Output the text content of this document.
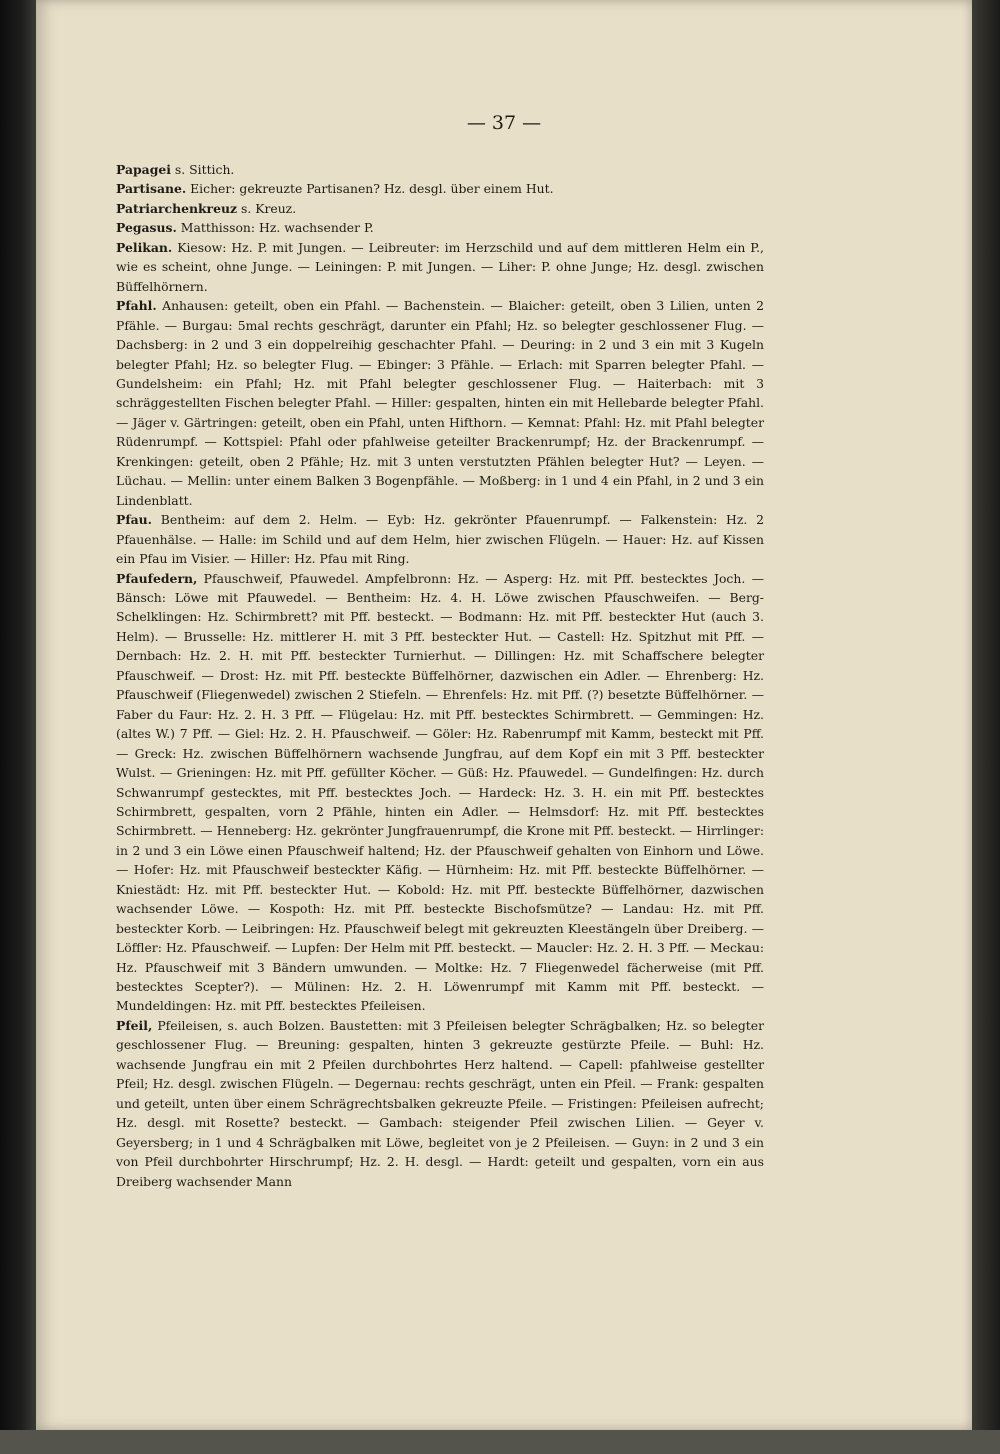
— 37 —

Papagei s. Sittich.

Partisane. Eicher: gekreuzte Partisanen? Hz. desgl. über einem Hut.

Patriarchenkreuz s. Kreuz.

Pegasus. Matthisson: Hz. wachsender P.

Pelikan. Kiesow: Hz. P. mit Jungen. — Leibreuter: im Herzschild und auf dem mittleren Helm ein P., wie es scheint, ohne Junge. — Leiningen: P. mit Jungen. — Liher: P. ohne Junge; Hz. desgl. zwischen Büffelhörnern.

Pfahl. Anhausen: geteilt, oben ein Pfahl. — Bachenstein. — Blaicher: geteilt, oben 3 Lilien, unten 2 Pfähle. — Burgau: 5mal rechts geschrägt, darunter ein Pfahl; Hz. so belegter geschlossener Flug. — Dachsberg: in 2 und 3 ein doppelreihig geschachter Pfahl. — Deuring: in 2 und 3 ein mit 3 Kugeln belegter Pfahl; Hz. so belegter Flug. — Ebinger: 3 Pfähle. — Erlach: mit Sparren belegter Pfahl. — Gundelsheim: ein Pfahl; Hz. mit Pfahl belegter geschlossener Flug. — Haiterbach: mit 3 schräggestellten Fischen belegter Pfahl. — Hiller: gespalten, hinten ein mit Hellebarde belegter Pfahl. — Jäger v. Gärtringen: geteilt, oben ein Pfahl, unten Hifthorn. — Kemnat: Pfahl: Hz. mit Pfahl belegter Rüdenrumpf. — Kottspiel: Pfahl oder pfahlweise geteilter Brackenrumpf; Hz. der Brackenrumpf. — Krenkingen: geteilt, oben 2 Pfähle; Hz. mit 3 unten verstutzten Pfählen belegter Hut? — Leyen. — Lüchau. — Mellin: unter einem Balken 3 Bogenpfähle. — Moßberg: in 1 und 4 ein Pfahl, in 2 und 3 ein Lindenblatt.

Pfau. Bentheim: auf dem 2. Helm. — Eyb: Hz. gekrönter Pfauenrumpf. — Falkenstein: Hz. 2 Pfauenhälse. — Halle: im Schild und auf dem Helm, hier zwischen Flügeln. — Hauer: Hz. auf Kissen ein Pfau im Visier. — Hiller: Hz. Pfau mit Ring.

Pfaufedern, Pfauschweif, Pfauwedel. Ampfelbronn: Hz. — Asperg: Hz. mit Pff. bestecktes Joch. — Bänsch: Löwe mit Pfauwedel. — Bentheim: Hz. 4. H. Löwe zwischen Pfauschweifen. — Berg-Schelklingen: Hz. Schirmbrett? mit Pff. besteckt. — Bodmann: Hz. mit Pff. besteckter Hut (auch 3. Helm). — Brusselle: Hz. mittlerer H. mit 3 Pff. besteckter Hut. — Castell: Hz. Spitzhut mit Pff. — Dernbach: Hz. 2. H. mit Pff. besteckter Turnierhut. — Dillingen: Hz. mit Schaffschere belegter Pfauschweif. — Drost: Hz. mit Pff. besteckte Büffelhörner, dazwischen ein Adler. — Ehrenberg: Hz. Pfauschweif (Fliegenwedel) zwischen 2 Stiefeln. — Ehrenfels: Hz. mit Pff. (?) besetzte Büffelhörner. — Faber du Faur: Hz. 2. H. 3 Pff. — Flügelau: Hz. mit Pff. bestecktes Schirmbrett. — Gemmingen: Hz. (altes W.) 7 Pff. — Giel: Hz. 2. H. Pfauschweif. — Göler: Hz. Rabenrumpf mit Kamm, besteckt mit Pff. — Greck: Hz. zwischen Büffelhörnern wachsende Jungfrau, auf dem Kopf ein mit 3 Pff. besteckter Wulst. — Grieningen: Hz. mit Pff. gefüllter Köcher. — Güß: Hz. Pfauwedel. — Gundelfingen: Hz. durch Schwanrumpf gestecktes, mit Pff. bestecktes Joch. — Hardeck: Hz. 3. H. ein mit Pff. bestecktes Schirmbrett, gespalten, vorn 2 Pfähle, hinten ein Adler. — Helmsdorf: Hz. mit Pff. bestecktes Schirmbrett. — Henneberg: Hz. gekrönter Jungfrauenrumpf, die Krone mit Pff. besteckt. — Hirrlinger: in 2 und 3 ein Löwe einen Pfauschweif haltend; Hz. der Pfauschweif gehalten von Einhorn und Löwe. — Hofer: Hz. mit Pfauschweif besteckter Käfig. — Hürnheim: Hz. mit Pff. besteckte Büffelhörner. — Kniestädt: Hz. mit Pff. besteckter Hut. — Kobold: Hz. mit Pff. besteckte Büffelhörner, dazwischen wachsender Löwe. — Kospoth: Hz. mit Pff. besteckte Bischofsmütze? — Landau: Hz. mit Pff. besteckter Korb. — Leibringen: Hz. Pfauschweif belegt mit gekreuzten Kleestängeln über Dreiberg. — Löffler: Hz. Pfauschweif. — Lupfen: Der Helm mit Pff. besteckt. — Maucler: Hz. 2. H. 3 Pff. — Meckau: Hz. Pfauschweif mit 3 Bändern umwunden. — Moltke: Hz. 7 Fliegenwedel fächerweise (mit Pff. bestecktes Scepter?). — Mülinen: Hz. 2. H. Löwenrumpf mit Kamm mit Pff. besteckt. — Mundeldingen: Hz. mit Pff. bestecktes Pfeileisen.

Pfeil, Pfeileisen, s. auch Bolzen. Baustetten: mit 3 Pfeileisen belegter Schrägbalken; Hz. so belegter geschlossener Flug. — Breuning: gespalten, hinten 3 gekreuzte gestürzte Pfeile. — Buhl: Hz. wachsende Jungfrau ein mit 2 Pfeilen durchbohrtes Herz haltend. — Capell: pfahlweise gestellter Pfeil; Hz. desgl. zwischen Flügeln. — Degernau: rechts geschrägt, unten ein Pfeil. — Frank: gespalten und geteilt, unten über einem Schrägrechtsbalken gekreuzte Pfeile. — Fristingen: Pfeileisen aufrecht; Hz. desgl. mit Rosette? besteckt. — Gambach: steigender Pfeil zwischen Lilien. — Geyer v. Geyersberg; in 1 und 4 Schrägbalken mit Löwe, begleitet von je 2 Pfeileisen. — Guyn: in 2 und 3 ein von Pfeil durchbohrter Hirschrumpf; Hz. 2. H. desgl. — Hardt: geteilt und gespalten, vorn ein aus Dreiberg wachsender Mann
